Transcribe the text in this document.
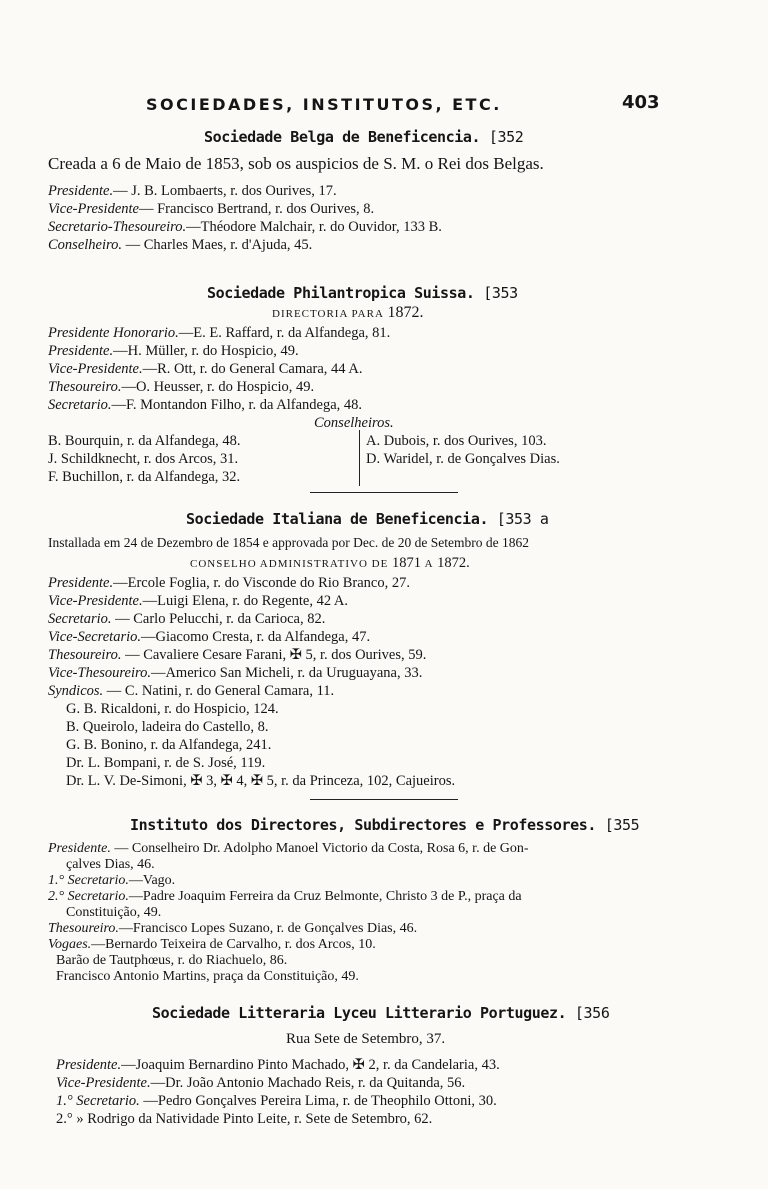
SOCIEDADES, INSTITUTOS, ETC.	403
Sociedade Belga de Beneficencia. [352
Creada a 6 de Maio de 1853, sob os auspicios de S. M. o Rei dos Belgas.
Presidente.— J. B. Lombaerts, r. dos Ourives, 17.
Vice-Presidente— Francisco Bertrand, r. dos Ourives, 8.
Secretario-Thesoureiro.—Théodore Malchair, r. do Ouvidor, 133 B.
Conselheiro. — Charles Maes, r. d'Ajuda, 45.
Sociedade Philantropica Suissa. [353
DIRECTORIA PARA 1872.
Presidente Honorario.—E. E. Raffard, r. da Alfandega, 81.
Presidente.—H. Müller, r. do Hospicio, 49.
Vice-Presidente.—R. Ott, r. do General Camara, 44 A.
Thesoureiro.—O. Heusser, r. do Hospicio, 49.
Secretario.—F. Montandon Filho, r. da Alfandega, 48.
Conselheiros.
B. Bourquin, r. da Alfandega, 48.
J. Schildknecht, r. dos Arcos, 31.
F. Buchillon, r. da Alfandega, 32.
A. Dubois, r. dos Ourives, 103.
D. Waridel, r. de Gonçalves Dias.
Sociedade Italiana de Beneficencia. [353 a
Installada em 24 de Dezembro de 1854 e approvada por Dec. de 20 de Setembro de 1862
CONSELHO ADMINISTRATIVO DE 1871 A 1872.
Presidente.—Ercole Foglia, r. do Visconde do Rio Branco, 27.
Vice-Presidente.—Luigi Elena, r. do Regente, 42 A.
Secretario. — Carlo Pelucchi, r. da Carioca, 82.
Vice-Secretario.—Giacomo Cresta, r. da Alfandega, 47.
Thesoureiro. — Cavaliere Cesare Farani, ✠ 5, r. dos Ourives, 59.
Vice-Thesoureiro.—Americo San Micheli, r. da Uruguayana, 33.
Syndicos. — C. Natini, r. do General Camara, 11.
G. B. Ricaldoni, r. do Hospicio, 124.
B. Queirolo, ladeira do Castello, 8.
G. B. Bonino, r. da Alfandega, 241.
Dr. L. Bompani, r. de S. José, 119.
Dr. L. V. De-Simoni, ✠ 3, ✠ 4, ✠ 5, r. da Princeza, 102, Cajueiros.
Instituto dos Directores, Subdirectores e Professores. [355
Presidente. — Conselheiro Dr. Adolpho Manoel Victorio da Costa, Rosa 6, r. de Gon-
çalves Dias, 46.
1.° Secretario.—Vago.
2.° Secretario.—Padre Joaquim Ferreira da Cruz Belmonte, Christo 3 de P., praça da
Constituição, 49.
Thesoureiro.—Francisco Lopes Suzano, r. de Gonçalves Dias, 46.
Vogaes.—Bernardo Teixeira de Carvalho, r. dos Arcos, 10.
Barão de Tautphœus, r. do Riachuelo, 86.
Francisco Antonio Martins, praça da Constituição, 49.
Sociedade Litteraria Lyceu Litterario Portuguez. [356
Rua Sete de Setembro, 37.
Presidente.—Joaquim Bernardino Pinto Machado, ✠ 2, r. da Candelaria, 43.
Vice-Presidente.—Dr. João Antonio Machado Reis, r. da Quitanda, 56.
1.° Secretario. —Pedro Gonçalves Pereira Lima, r. de Theophilo Ottoni, 30.
2.° » Rodrigo da Natividade Pinto Leite, r. Sete de Setembro, 62.
